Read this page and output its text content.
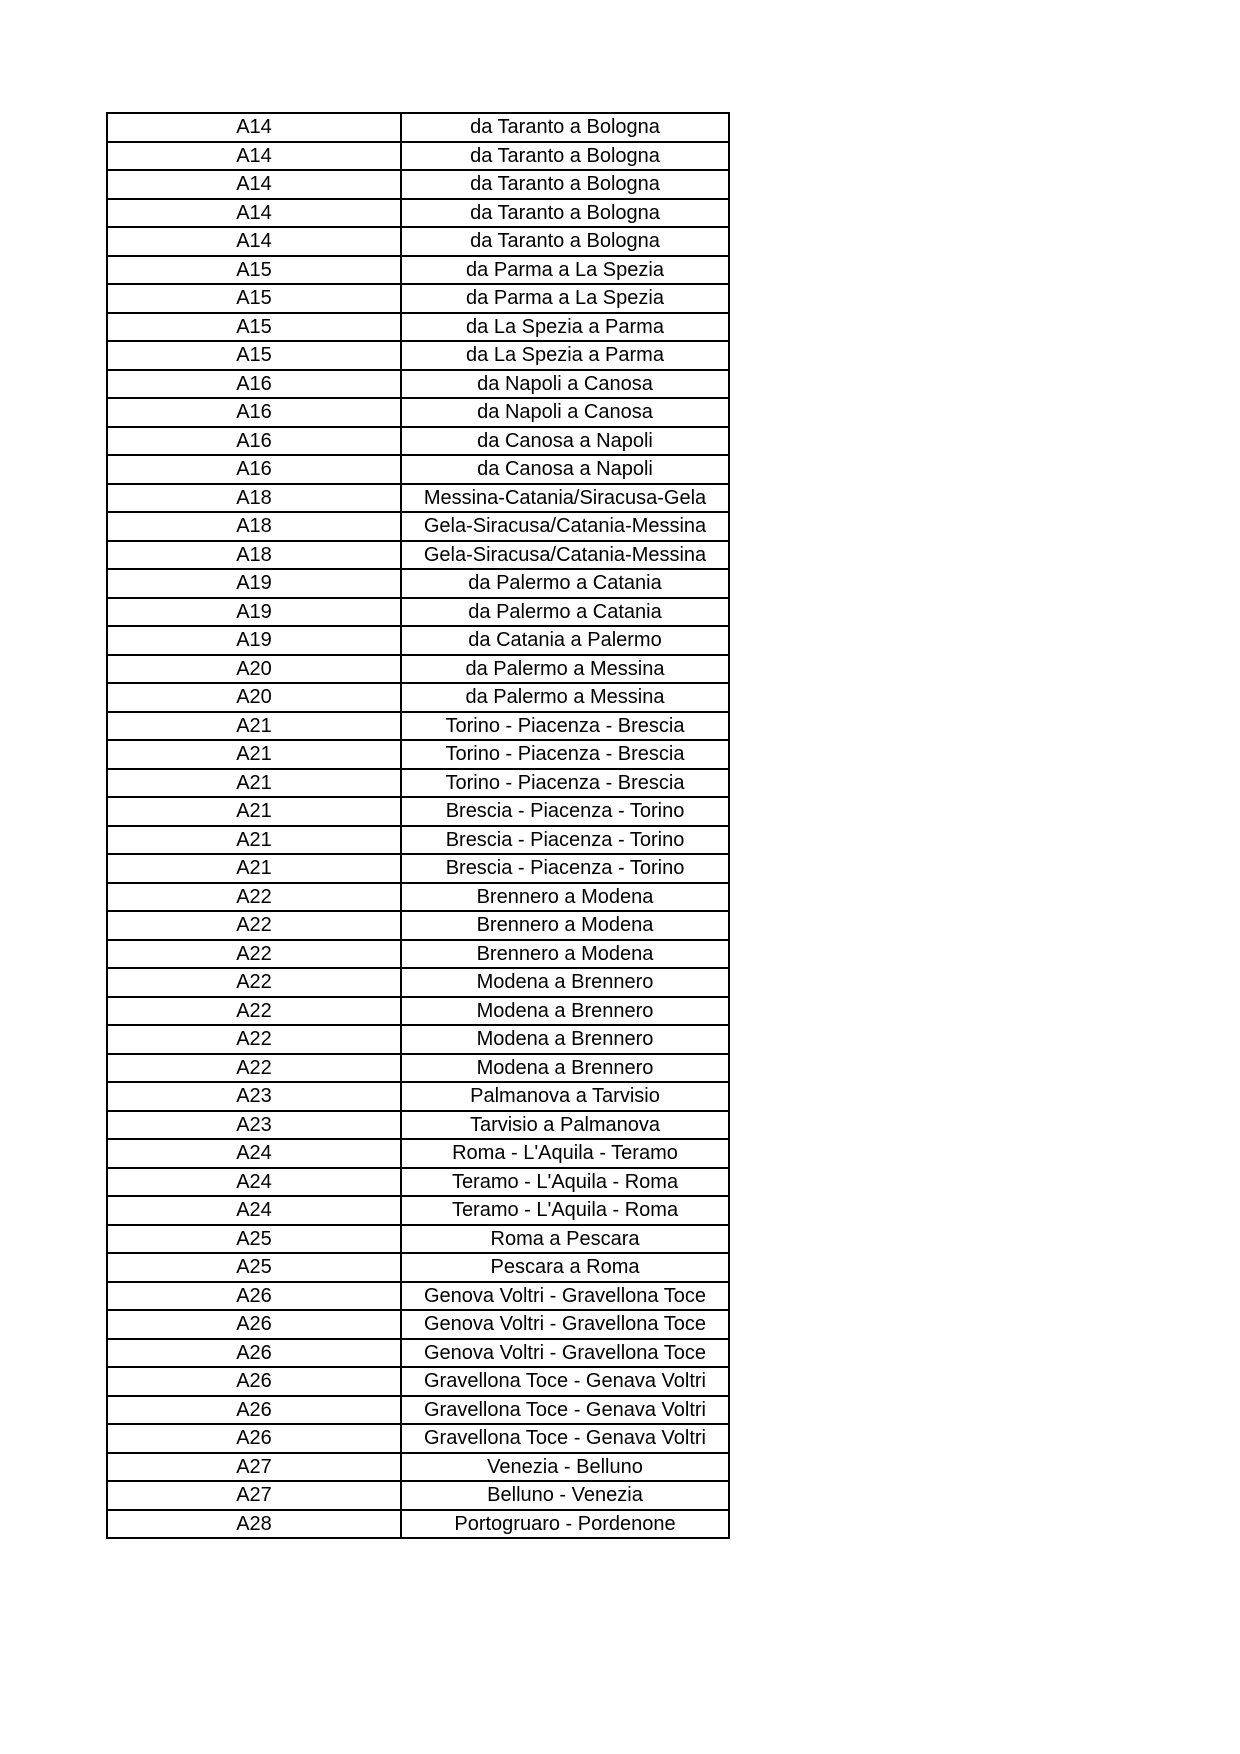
A14	da Taranto a Bologna
A14	da Taranto a Bologna
A14	da Taranto a Bologna
A14	da Taranto a Bologna
A14	da Taranto a Bologna
A15	da Parma a La Spezia
A15	da Parma a La Spezia
A15	da La Spezia a Parma
A15	da La Spezia a Parma
A16	da Napoli a Canosa
A16	da Napoli a Canosa
A16	da Canosa a Napoli
A16	da Canosa a Napoli
A18	Messina-Catania/Siracusa-Gela
A18	Gela-Siracusa/Catania-Messina
A18	Gela-Siracusa/Catania-Messina
A19	da Palermo a Catania
A19	da Palermo a Catania
A19	da Catania a Palermo
A20	da Palermo a Messina
A20	da Palermo a Messina
A21	Torino - Piacenza - Brescia
A21	Torino - Piacenza - Brescia
A21	Torino - Piacenza - Brescia
A21	Brescia - Piacenza - Torino
A21	Brescia - Piacenza - Torino
A21	Brescia - Piacenza - Torino
A22	Brennero a Modena
A22	Brennero a Modena
A22	Brennero a Modena
A22	Modena a Brennero
A22	Modena a Brennero
A22	Modena a Brennero
A22	Modena a Brennero
A23	Palmanova a Tarvisio
A23	Tarvisio a Palmanova
A24	Roma - L'Aquila - Teramo
A24	Teramo - L'Aquila - Roma
A24	Teramo - L'Aquila - Roma
A25	Roma a Pescara
A25	Pescara a Roma
A26	Genova Voltri - Gravellona Toce
A26	Genova Voltri - Gravellona Toce
A26	Genova Voltri - Gravellona Toce
A26	Gravellona Toce - Genava Voltri
A26	Gravellona Toce - Genava Voltri
A26	Gravellona Toce - Genava Voltri
A27	Venezia - Belluno
A27	Belluno - Venezia
A28	Portogruaro - Pordenone
